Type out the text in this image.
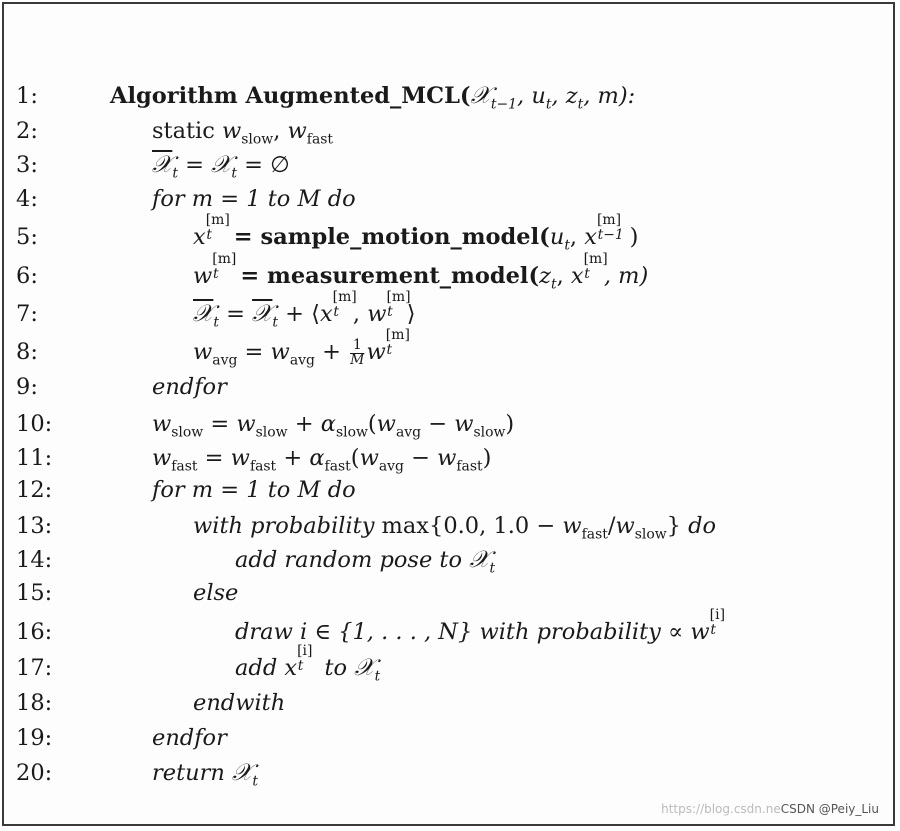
1:	Algorithm Augmented_MCL(𝒳$_{t-1}$, $u_t$, $z_t$, m):
2:	static $w_{slow}$, $w_{fast}$
3:	𝒳$_t$ = 𝒳$_t$ = ∅
4:	for m = 1 to M do
5:	x
[m]
$t = sample\_motion\_model(u_t$, x
[m]
t−1 )
6:	w
[m]
$t = measurement\_model(z_t$, x
[m]
t , m)
7:	𝒳$_t$ = 𝒳$_t$ + ⟨x
[m]
t , w
[m]
t ⟩
8:	$w_{avg} = w_{avg} + \frac{1}{M}$ w
[m]
t
9:	endfor
10:	$w_{slow} = w_{slow} + \alpha_{slow}(w_{avg} - w_{slow})$
11:	$w_{fast} = w_{fast} + \alpha_{fast}(w_{avg} - w_{fast})$
12:	for m = 1 to M do
13:	with probability max{0.0, $1.0 - w_{fast}/w_{slow}$} do
14:	add random pose to 𝒳$_t$
15:	else
16:	draw i ∈ {1, . . . , N} with probability ∝ w
[i]
t
17:	add x
[i]
t to 𝒳$_t$
18:	endwith
19:	endfor
20:	return 𝒳$_t$
https://blog.csdn.neCSDN @Peiy_Liu
